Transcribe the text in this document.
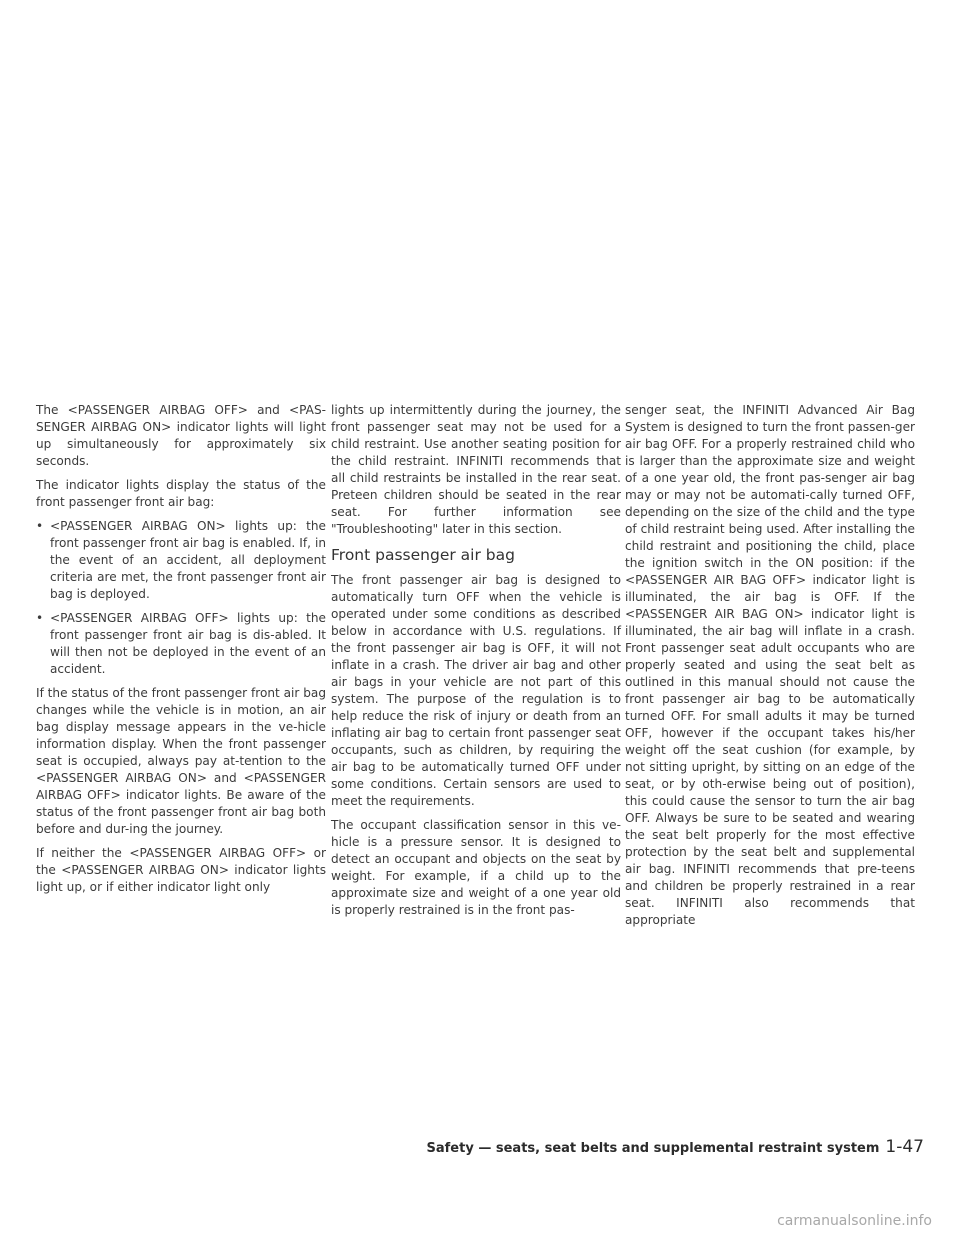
The <PASSENGER AIRBAG OFF> and <PAS-SENGER AIRBAG ON> indicator lights will light up simultaneously for approximately six seconds.

The indicator lights display the status of the front passenger front air bag:

• <PASSENGER AIRBAG ON> lights up: the front passenger front air bag is enabled. If, in the event of an accident, all deployment criteria are met, the front passenger front air bag is deployed.
• <PASSENGER AIRBAG OFF> lights up: the front passenger front air bag is dis-abled. It will then not be deployed in the event of an accident.

If the status of the front passenger front air bag changes while the vehicle is in motion, an air bag display message appears in the ve-hicle information display. When the front passenger seat is occupied, always pay at-tention to the <PASSENGER AIRBAG ON> and <PASSENGER AIRBAG OFF> indicator lights. Be aware of the status of the front passenger front air bag both before and dur-ing the journey.

If neither the <PASSENGER AIRBAG OFF> or the <PASSENGER AIRBAG ON> indicator lights light up, or if either indicator light only

lights up intermittently during the journey, the front passenger seat may not be used for a child restraint. Use another seating position for the child restraint. INFINITI recommends that all child restraints be installed in the rear seat. Preteen children should be seated in the rear seat. For further information see "Troubleshooting" later in this section.

Front passenger air bag

The front passenger air bag is designed to automatically turn OFF when the vehicle is operated under some conditions as described below in accordance with U.S. regulations. If the front passenger air bag is OFF, it will not inflate in a crash. The driver air bag and other air bags in your vehicle are not part of this system. The purpose of the regulation is to help reduce the risk of injury or death from an inflating air bag to certain front passenger seat occupants, such as children, by requiring the air bag to be automatically turned OFF under some conditions. Certain sensors are used to meet the requirements.

The occupant classification sensor in this ve-hicle is a pressure sensor. It is designed to detect an occupant and objects on the seat by weight. For example, if a child up to the approximate size and weight of a one year old is properly restrained is in the front pas-

senger seat, the INFINITI Advanced Air Bag System is designed to turn the front passen-ger air bag OFF. For a properly restrained child who is larger than the approximate size and weight of a one year old, the front pas-senger air bag may or may not be automati-cally turned OFF, depending on the size of the child and the type of child restraint being used. After installing the child restraint and positioning the child, place the ignition switch in the ON position: if the <PASSENGER AIR BAG OFF> indicator light is illuminated, the air bag is OFF. If the <PASSENGER AIR BAG ON> indicator light is illuminated, the air bag will inflate in a crash. Front passenger seat adult occupants who are properly seated and using the seat belt as outlined in this manual should not cause the front passenger air bag to be automatically turned OFF. For small adults it may be turned OFF, however if the occupant takes his/her weight off the seat cushion (for example, by not sitting upright, by sitting on an edge of the seat, or by oth-erwise being out of position), this could cause the sensor to turn the air bag OFF. Always be sure to be seated and wearing the seat belt properly for the most effective protection by the seat belt and supplemental air bag. INFINITI recommends that pre-teens and children be properly restrained in a rear seat. INFINITI also recommends that appropriate

Safety — seats, seat belts and supplemental restraint system 1-47
carmanualsonline.info
